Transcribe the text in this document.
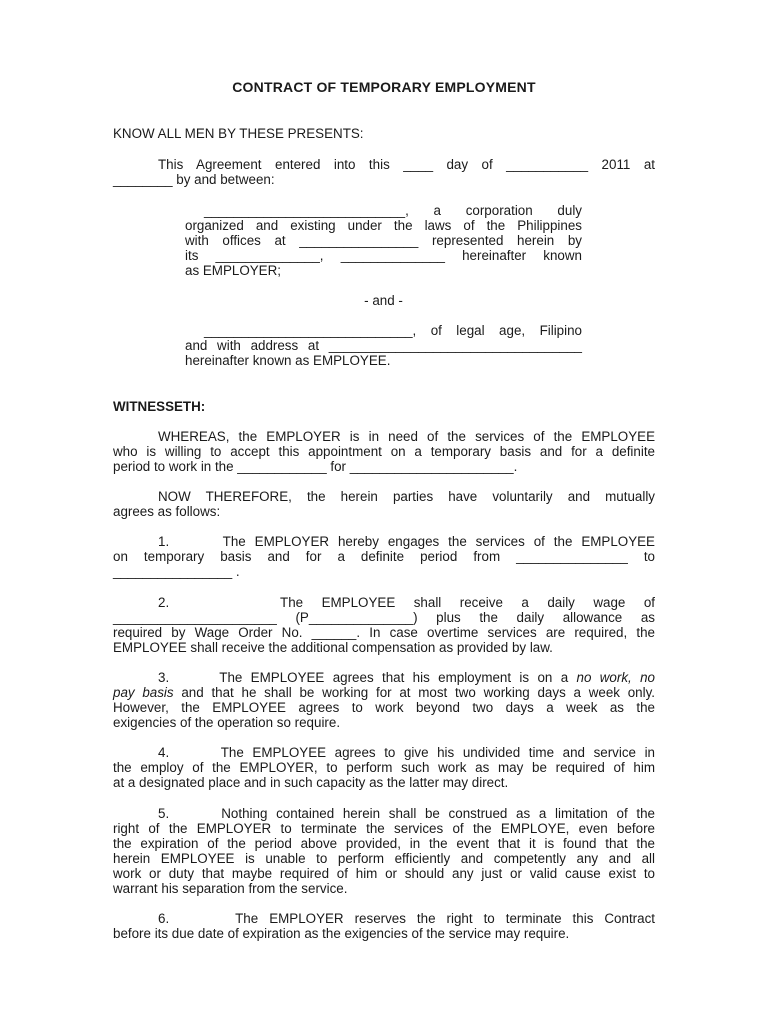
CONTRACT OF TEMPORARY EMPLOYMENT
KNOW ALL MEN BY THESE PRESENTS:
This Agreement entered into this ____ day of ___________ 2011 at
________ by and between:
___________________________, a corporation duly
organized and existing under the laws of the Philippines
with offices at ________________ represented herein by
its ______________, ______________ hereinafter known
as EMPLOYER;
- and -
____________________________, of legal age, Filipino
and with address at __________________________________
hereinafter known as EMPLOYEE.
WITNESSETH:
WHEREAS, the EMPLOYER is in need of the services of the EMPLOYEE
who is willing to accept this appointment on a temporary basis and for a definite
period to work in the ____________ for ______________________.
NOW THEREFORE, the herein parties have voluntarily and mutually
agrees as follows:
1.      The EMPLOYER hereby engages the services of the EMPLOYEE
on temporary basis and for a definite period from _______________ to
________________ .
2.      The EMPLOYEE shall receive a daily wage of
______________________ (P______________) plus the daily allowance as
required by Wage Order No. ______. In case overtime services are required, the
EMPLOYEE shall receive the additional compensation as provided by law.
3.      The EMPLOYEE agrees that his employment is on a no work, no
pay basis and that he shall be working for at most two working days a week only.
However, the EMPLOYEE agrees to work beyond two days a week as the
exigencies of the operation so require.
4.      The EMPLOYEE agrees to give his undivided time and service in
the employ of the EMPLOYER, to perform such work as may be required of him
at a designated place and in such capacity as the latter may direct.
5.      Nothing contained herein shall be construed as a limitation of the
right of the EMPLOYER to terminate the services of the EMPLOYE, even before
the expiration of the period above provided, in the event that it is found that the
herein EMPLOYEE is unable to perform efficiently and competently any and all
work or duty that maybe required of him or should any just or valid cause exist to
warrant his separation from the service.
6.      The EMPLOYER reserves the right to terminate this Contract
before its due date of expiration as the exigencies of the service may require.
